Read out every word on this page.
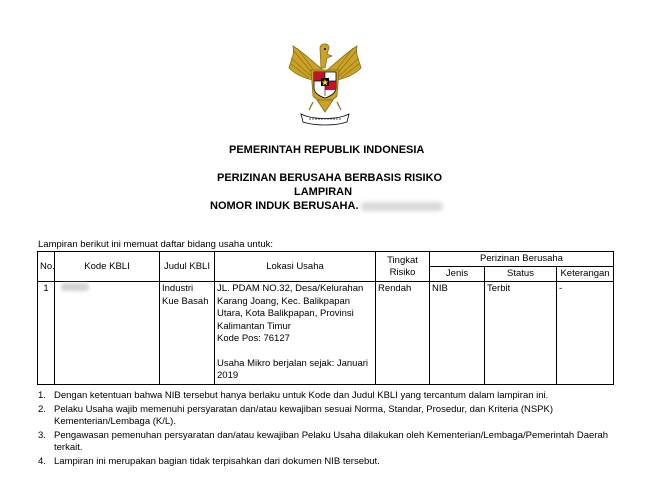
PEMERINTAH REPUBLIK INDONESIA
PERIZINAN BERUSAHA BERBASIS RISIKO
LAMPIRAN
NOMOR INDUK BERUSAHA.
Lampiran berikut ini memuat daftar bidang usaha untuk:
No.	Kode KBLI	Judul KBLI	Lokasi Usaha	Tingkat Risiko	Perizinan Berusaha		
					Jenis	Status	Keterangan
1		Industri Kue Basah	JL. PDAM NO.32, Desa/Kelurahan Karang Joang, Kec. Balikpapan Utara, Kota Balikpapan, Provinsi Kalimantan Timur
Kode Pos: 76127
Usaha Mikro berjalan sejak: Januari 2019	Rendah	NIB	Terbit	-
1. Dengan ketentuan bahwa NIB tersebut hanya berlaku untuk Kode dan Judul KBLI yang tercantum dalam lampiran ini.
2. Pelaku Usaha wajib memenuhi persyaratan dan/atau kewajiban sesuai Norma, Standar, Prosedur, dan Kriteria (NSPK) Kementerian/Lembaga (K/L).
3. Pengawasan pemenuhan persyaratan dan/atau kewajiban Pelaku Usaha dilakukan oleh Kementerian/Lembaga/Pemerintah Daerah terkait.
4. Lampiran ini merupakan bagian tidak terpisahkan dari dokumen NIB tersebut.
